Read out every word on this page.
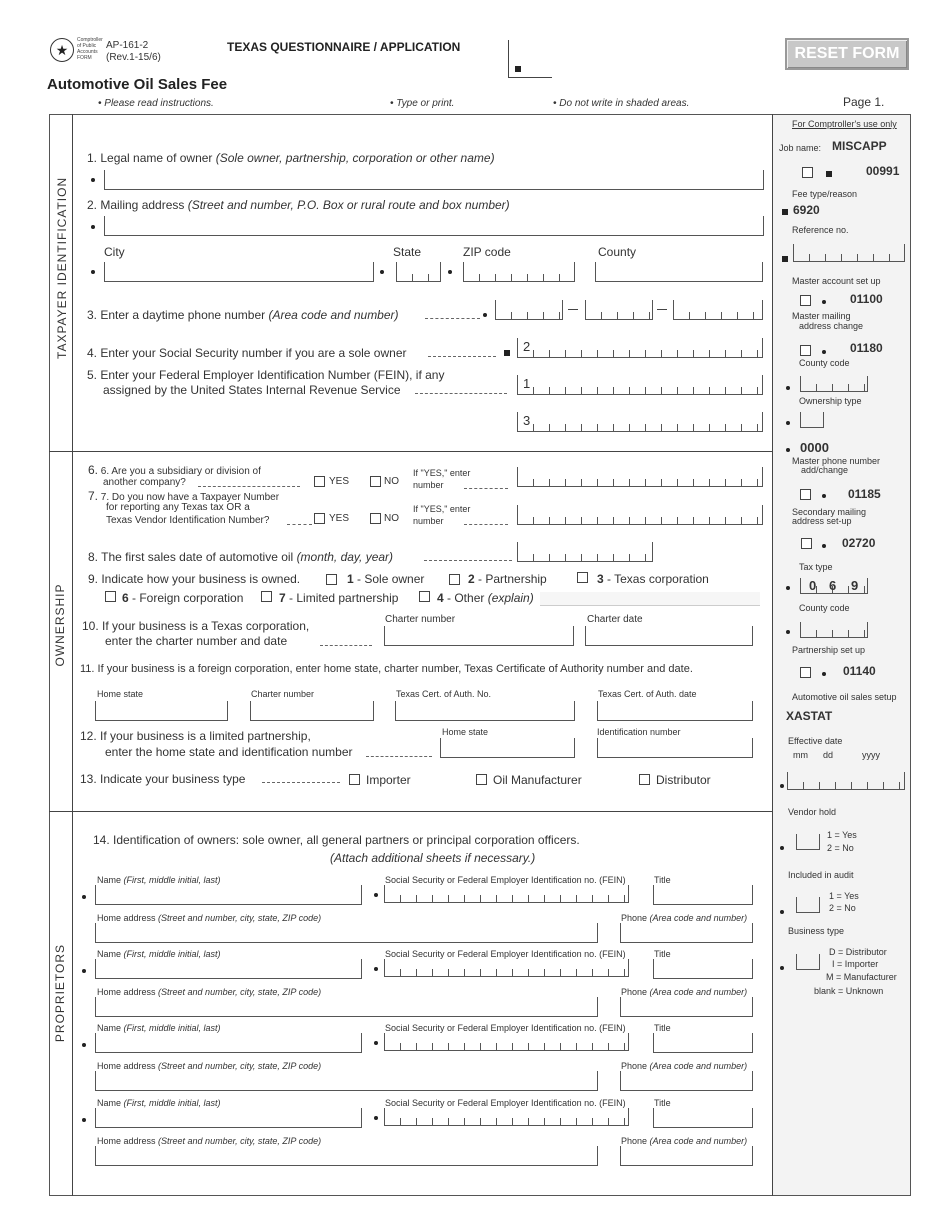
★
Comptroller
of Public
Accounts
FORM
AP-161-2
(Rev.1-15/6)
TEXAS QUESTIONNAIRE / APPLICATION	RESET FORM
Automotive Oil Sales Fee
• Please read instructions.	• Type or print.	• Do not write in shaded areas.	Page 1.
TAXPAYER IDENTIFICATION
OWNERSHIP
PROPRIETORS
1. Legal name of owner (Sole owner, partnership, corporation or other name)
2. Mailing address (Street and number, P.O. Box or rural route and box number)
City	State	ZIP code	County
3. Enter a daytime phone number (Area code and number)
4. Enter your Social Security number if you are a sole owner	2
5. Enter your Federal Employer Identification Number (FEIN), if any
assigned by the United States Internal Revenue Service	1
3
6. 6. Are you a subsidiary or division of
another company?	YES	NO
If "YES," enter
number
7. 7. Do you now have a Taxpayer Number
for reporting any Texas tax OR a
Texas Vendor Identification Number?	YES	NO
If "YES," enter
number
8. The first sales date of automotive oil (month, day, year)
9. Indicate how your business is owned.	1 - Sole owner	2 - Partnership	3 - Texas corporation
6 - Foreign corporation	7 - Limited partnership	4 - Other (explain)
Charter number	Charter date
10. If your business is a Texas corporation,
enter the charter number and date
11. If your business is a foreign corporation, enter home state, charter number, Texas Certificate of Authority number and date.
Home state	Charter number	Texas Cert. of Auth. No.	Texas Cert. of Auth. date
Home state	Identification number
12. If your business is a limited partnership,
enter the home state and identification number
13. Indicate your business type	Importer	Oil Manufacturer	Distributor
14. Identification of owners: sole owner, all general partners or principal corporation officers.
(Attach additional sheets if necessary.)
Name (First, middle initial, last)	Social Security or Federal Employer Identification no. (FEIN)	Title
Home address (Street and number, city, state, ZIP code)	Phone (Area code and number)
Name (First, middle initial, last)	Social Security or Federal Employer Identification no. (FEIN)	Title
Home address (Street and number, city, state, ZIP code)	Phone (Area code and number)
Name (First, middle initial, last)	Social Security or Federal Employer Identification no. (FEIN)	Title
Home address (Street and number, city, state, ZIP code)	Phone (Area code and number)
Name (First, middle initial, last)	Social Security or Federal Employer Identification no. (FEIN)	Title
Home address (Street and number, city, state, ZIP code)	Phone (Area code and number)
For Comptroller's use only
Job name: MISCAPP
00991
Fee type/reason
6920
Reference no.
Master account set up
01100
Master mailing
address change
01180
County code
Ownership type
0000
Master phone number
add/change
01185
Secondary mailing
address set-up
02720
Tax type
0 6 9
County code
Partnership set up
01140
Automotive oil sales setup
XASTAT
Effective date
mm dd	yyyy
Vendor hold
1 = Yes
2 = No
Included in audit
1 = Yes
2 = No
Business type
D = Distributor
I = Importer
M = Manufacturer
blank = Unknown
